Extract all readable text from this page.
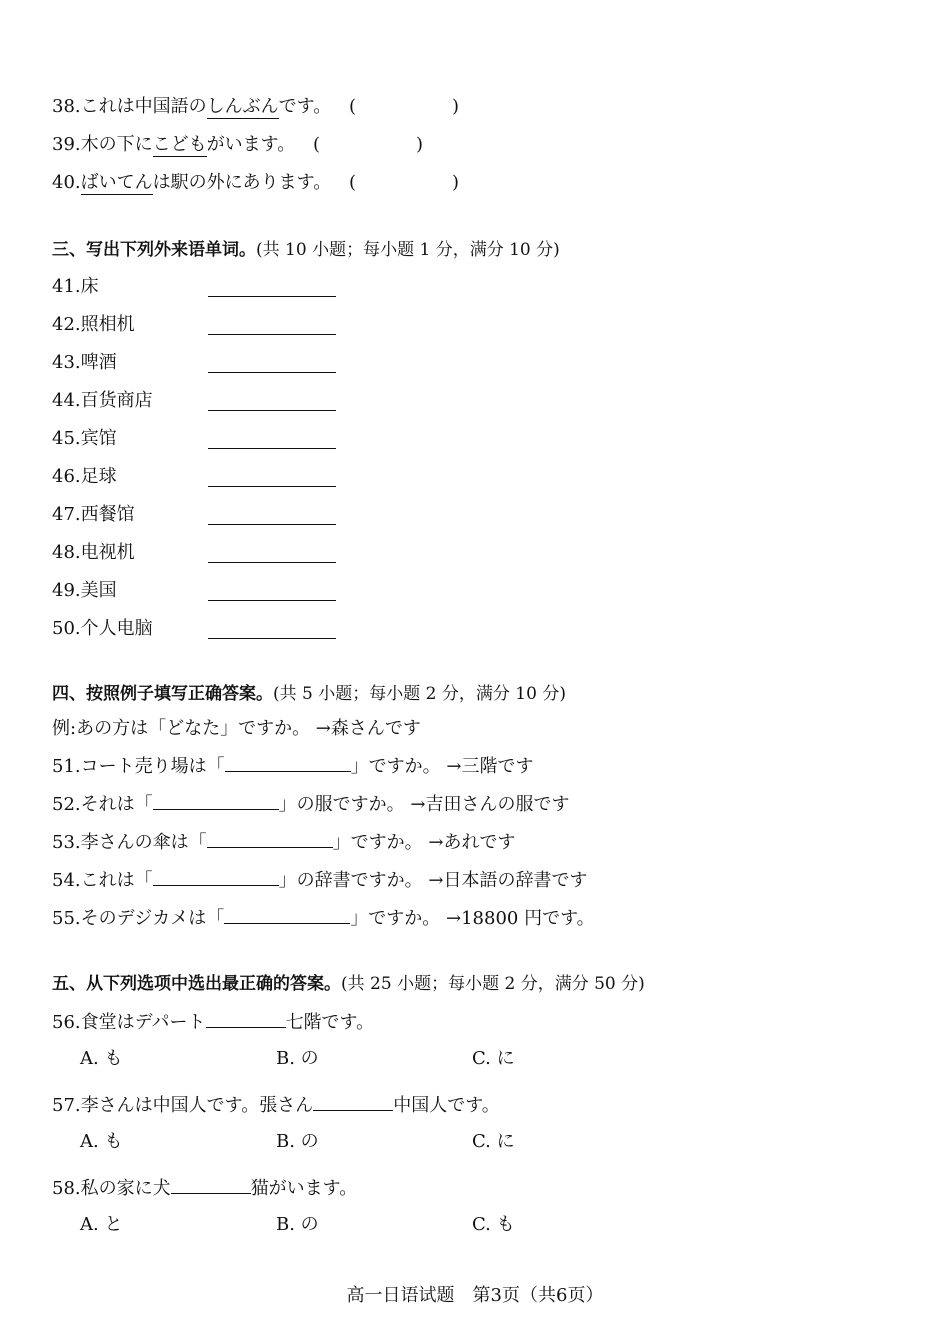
38.これは中国語のしんぶんです。 (	)
39.木の下にこどもがいます。 (	)
40.ばいてんは駅の外にあります。 (	)
三、写出下列外来语单词。(共 10 小题；每小题 1 分，满分 10 分)
41.床
42.照相机
43.啤酒
44.百货商店
45.宾馆
46.足球
47.西餐馆
48.电视机
49.美国
50.个人电脑
四、按照例子填写正确答案。(共 5 小题；每小题 2 分，满分 10 分)
例:あの方は「どなた」ですか。 →森さんです
51.コート売り場は「	」ですか。 →三階です
52.それは「	」の服ですか。 →吉田さんの服です
53.李さんの傘は「	」ですか。 →あれです
54.これは「	」の辞書ですか。 →日本語の辞書です
55.そのデジカメは「	」ですか。 →18800 円です。
五、从下列选项中选出最正确的答案。(共 25 小题；每小题 2 分，满分 50 分)
56.食堂はデパート	七階です。
A. も	B. の	C. に
57.李さんは中国人です。張さん	中国人です。
A. も	B. の	C. に
58.私の家に犬	猫がいます。
A. と	B. の	C. も
高一日语试题　第3页（共6页）
